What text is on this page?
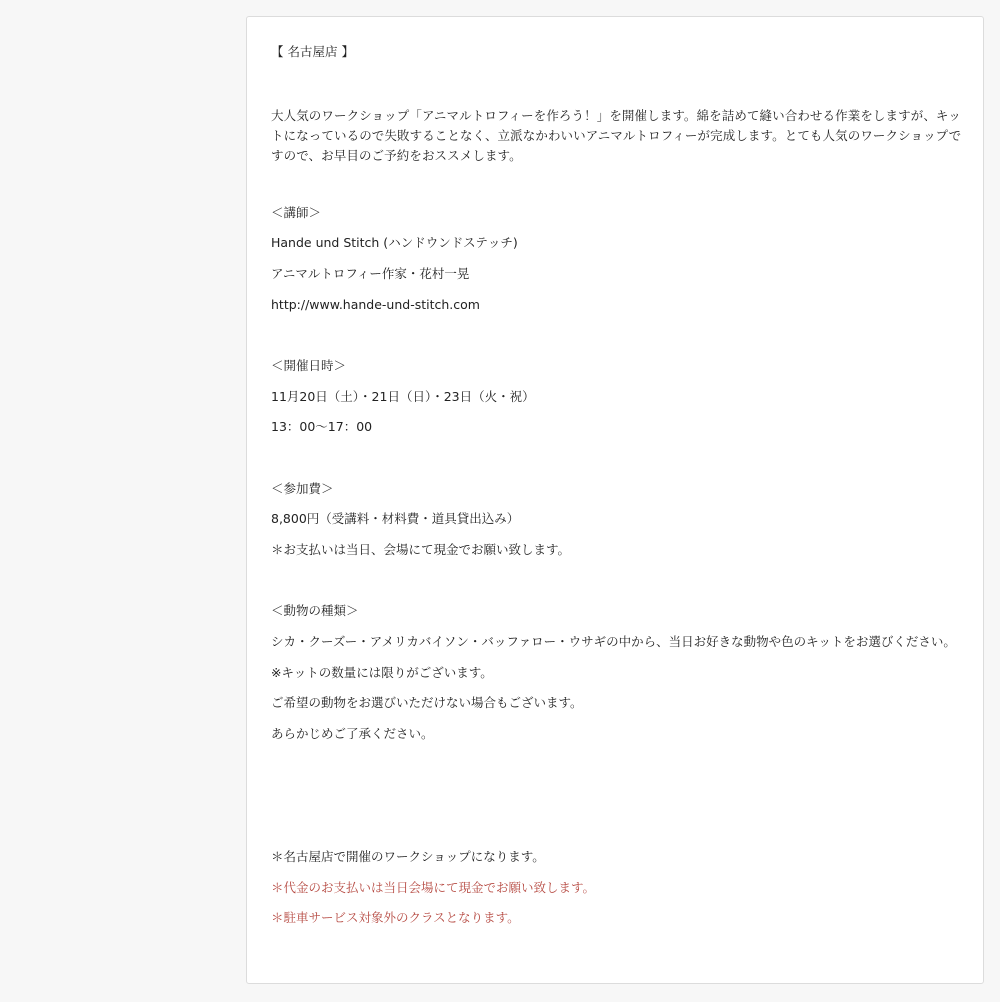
【 名古屋店 】
大人気のワークショップ「アニマルトロフィーを作ろう！」を開催します。綿を詰めて縫い合わせる作業をしますが、キットになっているので失敗することなく、立派なかわいいアニマルトロフィーが完成します。とても人気のワークショップですので、お早目のご予約をおススメします。
＜講師＞
Hande und Stitch (ハンドウンドステッチ)
アニマルトロフィー作家・花村一晃
http://www.hande-und-stitch.com
＜開催日時＞
11月20日（土）・21日（日）・23日（火・祝）
13：00〜17：00
＜参加費＞
8,800円（受講料・材料費・道具貸出込み）
＊お支払いは当日、会場にて現金でお願い致します。
＜動物の種類＞
シカ・クーズー・アメリカバイソン・バッファロー・ウサギの中から、当日お好きな動物や色のキットをお選びください。
※キットの数量には限りがございます。
ご希望の動物をお選びいただけない場合もございます。
あらかじめご了承ください。
＊名古屋店で開催のワークショップになります。
＊代金のお支払いは当日会場にて現金でお願い致します。
＊駐車サービス対象外のクラスとなります。
